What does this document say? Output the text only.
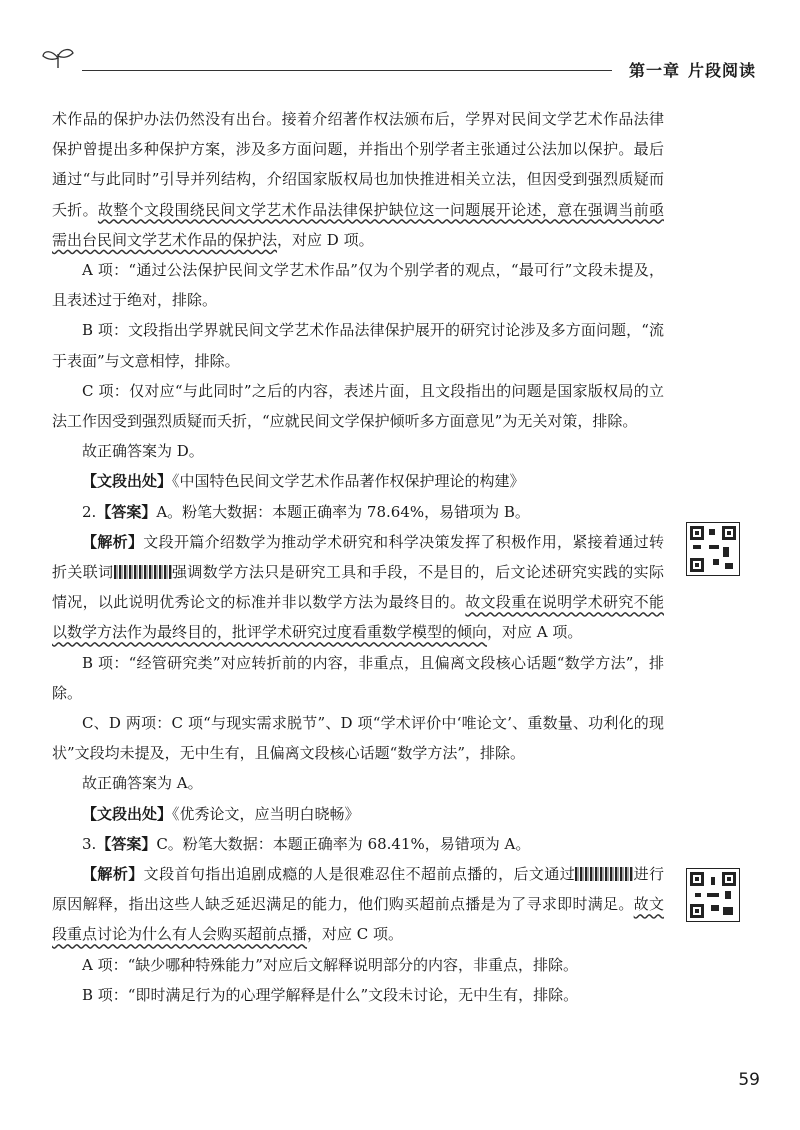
第一章 片段阅读

术作品的保护办法仍然没有出台。接着介绍著作权法颁布后，学界对民间文学艺术作品法律保护曾提出多种保护方案，涉及多方面问题，并指出个别学者主张通过公法加以保护。最后通过“与此同时”引导并列结构，介绍国家版权局也加快推进相关立法，但因受到强烈质疑而夭折。故整个文段围绕民间文学艺术作品法律保护缺位这一问题展开论述，意在强调当前亟需出台民间文学艺术作品的保护法，对应 D 项。

A 项：“通过公法保护民间文学艺术作品”仅为个别学者的观点，“最可行”文段未提及，且表述过于绝对，排除。

B 项：文段指出学界就民间文学艺术作品法律保护展开的研究讨论涉及多方面问题，“流于表面”与文意相悖，排除。

C 项：仅对应“与此同时”之后的内容，表述片面，且文段指出的问题是国家版权局的立法工作因受到强烈质疑而夭折，“应就民间文学保护倾听多方面意见”为无关对策，排除。

故正确答案为 D。

【文段出处】《中国特色民间文学艺术作品著作权保护理论的构建》

2.【答案】A。粉笔大数据：本题正确率为 78.64%，易错项为 B。

【解析】文段开篇介绍数学为推动学术研究和科学决策发挥了积极作用，紧接着通过转折关联词	强调数学方法只是研究工具和手段，不是目的，后文论述研究实践的实际情况，以此说明优秀论文的标准并非以数学方法为最终目的。故文段重在说明学术研究不能以数学方法作为最终目的，批评学术研究过度看重数学模型的倾向，对应 A 项。

B 项：“经管研究类”对应转折前的内容，非重点，且偏离文段核心话题“数学方法”，排除。

C、D 两项：C 项“与现实需求脱节”、D 项“学术评价中‘唯论文’、重数量、功利化的现状”文段均未提及，无中生有，且偏离文段核心话题“数学方法”，排除。

故正确答案为 A。

【文段出处】《优秀论文，应当明白晓畅》

3.【答案】C。粉笔大数据：本题正确率为 68.41%，易错项为 A。

【解析】文段首句指出追剧成瘾的人是很难忍住不超前点播的，后文通过	进行原因解释，指出这些人缺乏延迟满足的能力，他们购买超前点播是为了寻求即时满足。故文段重点讨论为什么有人会购买超前点播，对应 C 项。

A 项：“缺少哪种特殊能力”对应后文解释说明部分的内容，非重点，排除。

B 项：“即时满足行为的心理学解释是什么”文段未讨论，无中生有，排除。

59
